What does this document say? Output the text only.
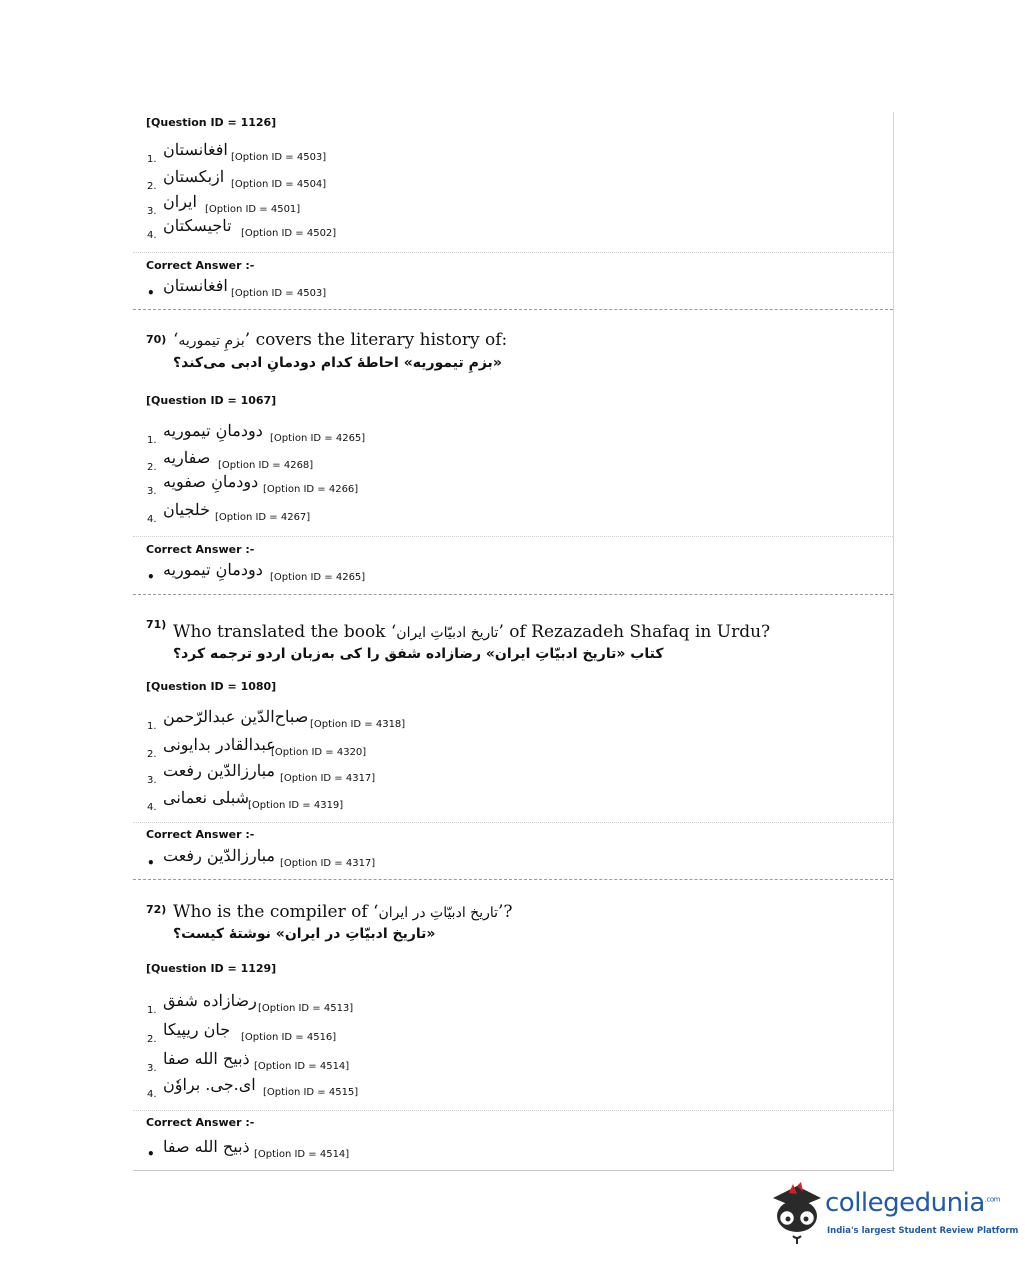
[Question ID = 1126]
1.
افغانستان [Option ID = 4503]
2.
ازبکستان [Option ID = 4504]
3.
ایران [Option ID = 4501]
4.
تاجیسکتان [Option ID = 4502]
Correct Answer :-
• افغانستان [Option ID = 4503]
70) ‘بزمِ تیموریه’ covers the literary history of:
«بزمِ تیموریه» احاطهٔ کدام دودمانِ ادبی می‌کند؟
[Question ID = 1067]
1.
دودمانِ تیموریه [Option ID = 4265]
2.
صفاریه [Option ID = 4268]
3.
دودمانِ صفویه [Option ID = 4266]
4.
خلجیان [Option ID = 4267]
Correct Answer :-
• دودمانِ تیموریه [Option ID = 4265]
71) Who translated the book ‘تاریخ ادبیّاتِ ایران’ of Rezazadeh Shafaq in Urdu?
کتاب «تاریخ ادبیّاتِ ایران» رضازاده شفق را کی به‌زبان اردو ترجمه کرد؟
[Question ID = 1080]
1.
صباح‌الدّین عبدالرّحمن [Option ID = 4318]
2.
عبدالقادر بدایونی
[Option ID = 4320]
3.
مبارزالدّین رفعت [Option ID = 4317]
4.
شبلی نعمانی
[Option ID = 4319]
Correct Answer :-
• مبارزالدّین رفعت [Option ID = 4317]
72) Who is the compiler of ‘تاریخ ادبیّاتِ در ایران’?
«تاریخ ادبیّاتِ در ایران» نوشتهٔ کیست؟
[Question ID = 1129]
1.
رضازاده شفق [Option ID = 4513]
2.
جان ریپیکا [Option ID = 4516]
3.
ذبیح الله صفا [Option ID = 4514]
4.
ای.جی. براوٗن [Option ID = 4515]
Correct Answer :-
• ذبیح الله صفا [Option ID = 4514]
collegedunia$^{.com}$
India's largest Student Review Platform
